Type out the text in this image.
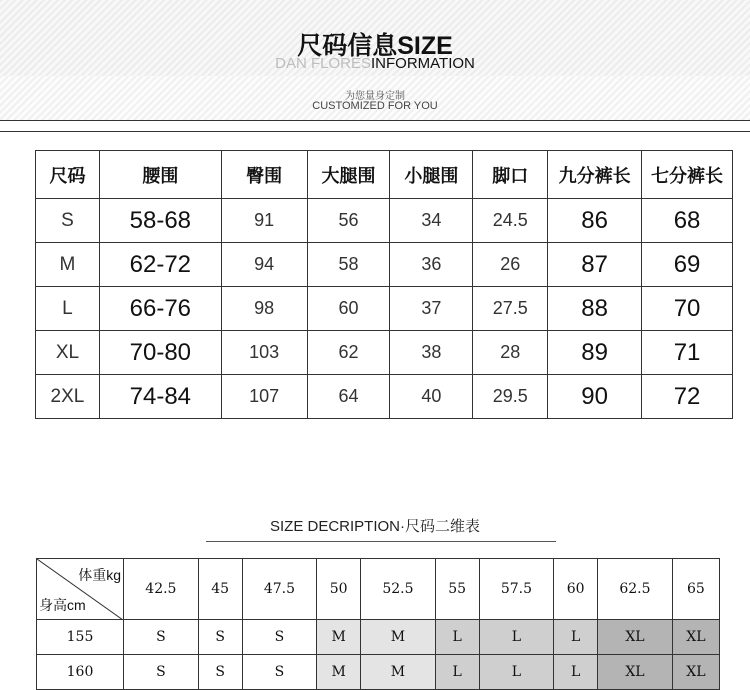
尺码信息SIZE
DAN FLORESINFORMATION
为您量身定制
CUSTOMIZED FOR YOU
尺码	腰围	臀围	大腿围	小腿围	脚口	九分裤长	七分裤长
S	58-68	91	56	34	24.5	86	68
M	62-72	94	58	36	26	87	69
L	66-76	98	60	37	27.5	88	70
XL	70-80	103	62	38	28	89	71
2XL	74-84	107	64	40	29.5	90	72
SIZE DECRIPTION·尺码二维表
体重kg
身高cm	42.5	45	47.5	50	52.5	55	57.5	60	62.5	65
155	S	S	S	M	M	L	L	L	XL	XL
160	S	S	S	M	M	L	L	L	XL	XL
